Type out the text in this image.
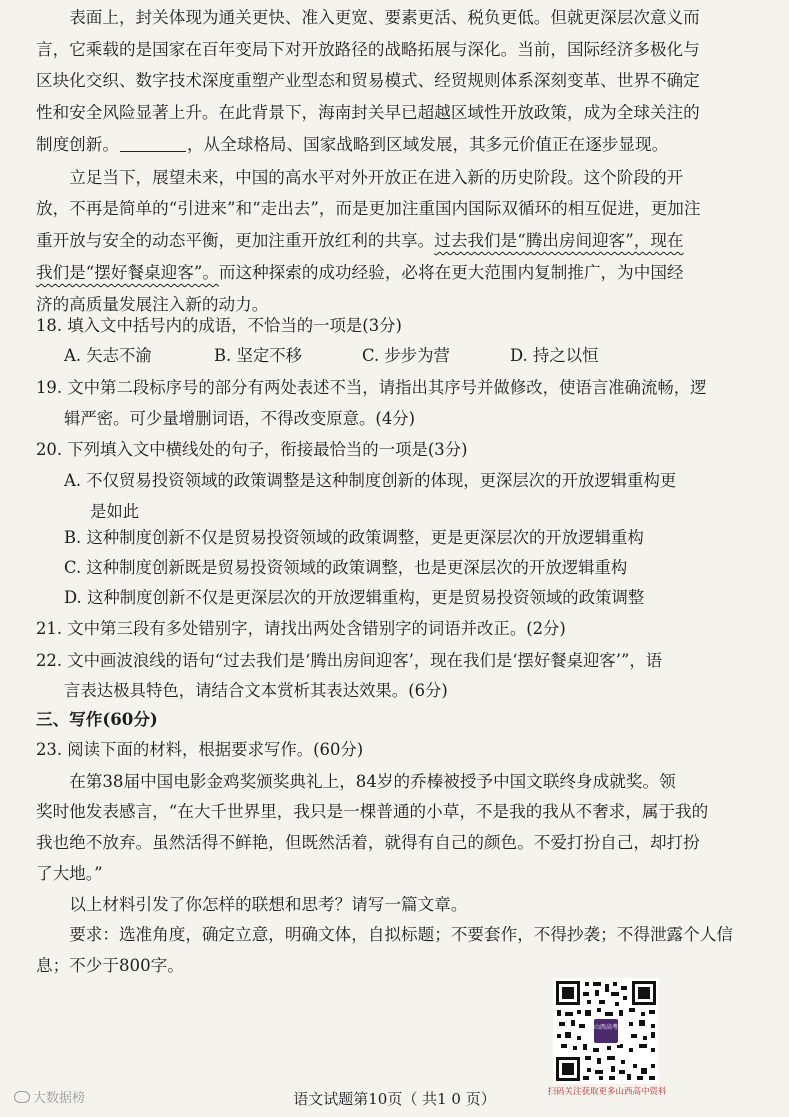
表面上，封关体现为通关更快、准入更宽、要素更活、税负更低。但就更深层次意义而

言，它乘载的是国家在百年变局下对开放路径的战略拓展与深化。当前，国际经济多极化与

区块化交织、数字技术深度重塑产业型态和贸易模式、经贸规则体系深刻变革、世界不确定

性和安全风险显著上升。在此背景下，海南封关早已超越区域性开放政策，成为全球关注的

制度创新。	，从全球格局、国家战略到区域发展，其多元价值正在逐步显现。

立足当下，展望未来，中国的高水平对外开放正在进入新的历史阶段。这个阶段的开

放，不再是简单的“引进来”和“走出去”，而是更加注重国内国际双循环的相互促进，更加注

重开放与安全的动态平衡，更加注重开放红利的共享。过去我们是“腾出房间迎客”，现在

我们是“摆好餐桌迎客”。而这种探索的成功经验，必将在更大范围内复制推广，为中国经

济的高质量发展注入新的动力。

18. 填入文中括号内的成语，不恰当的一项是(3分)

A. 矢志不渝	B. 坚定不移	C. 步步为营	D. 持之以恒

19. 文中第二段标序号的部分有两处表述不当，请指出其序号并做修改，使语言准确流畅，逻

辑严密。可少量增删词语，不得改变原意。(4分)

20. 下列填入文中横线处的句子，衔接最恰当的一项是(3分)

A. 不仅贸易投资领域的政策调整是这种制度创新的体现，更深层次的开放逻辑重构更

是如此

B. 这种制度创新不仅是贸易投资领域的政策调整，更是更深层次的开放逻辑重构

C. 这种制度创新既是贸易投资领域的政策调整，也是更深层次的开放逻辑重构

D. 这种制度创新不仅是更深层次的开放逻辑重构，更是贸易投资领域的政策调整

21. 文中第三段有多处错别字，请找出两处含错别字的词语并改正。(2分)

22. 文中画波浪线的语句“过去我们是‘腾出房间迎客’，现在我们是‘摆好餐桌迎客’”，语

言表达极具特色，请结合文本赏析其表达效果。(6分)

三、写作(60分)

23. 阅读下面的材料，根据要求写作。(60分)

在第38届中国电影金鸡奖颁奖典礼上，84岁的乔榛被授予中国文联终身成就奖。领

奖时他发表感言，“在大千世界里，我只是一棵普通的小草，不是我的我从不奢求，属于我的

我也绝不放弃。虽然活得不鲜艳，但既然活着，就得有自己的颜色。不爱打扮自己，却打扮

了大地。”

以上材料引发了你怎样的联想和思考？请写一篇文章。

要求：选准角度，确定立意，明确文体，自拟标题；不要套作，不得抄袭；不得泄露个人信

息；不少于800字。

山西高考
扫码关注获取更多山西高中资料
大数据榜	语文试题第10页（ 共1 0 页）
